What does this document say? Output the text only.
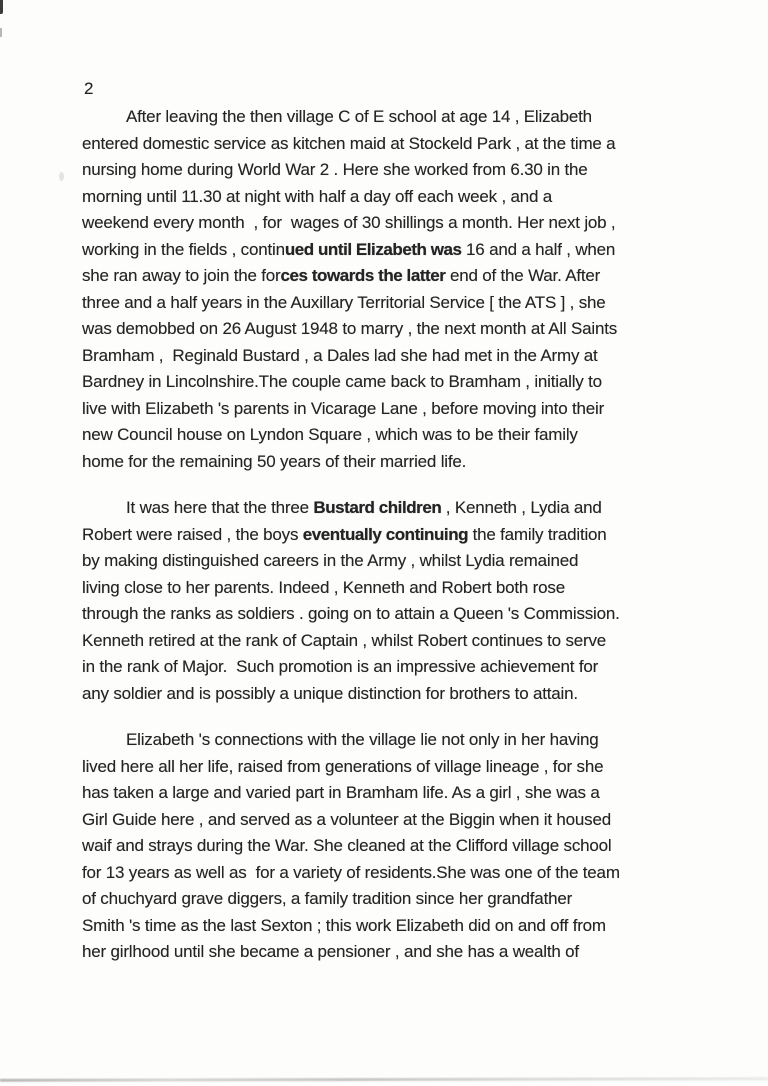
2
After leaving the then village C of E school at age 14 , Elizabeth
entered domestic service as kitchen maid at Stockeld Park , at the time a
nursing home during World War 2 . Here she worked from 6.30 in the
morning until 11.30 at night with half a day off each week , and a
weekend every month  , for  wages of 30 shillings a month. Her next job ,
working in the fields , continued until Elizabeth was 16 and a half , when
she ran away to join the forces towards the latter end of the War. After
three and a half years in the Auxillary Territorial Service [ the ATS ] , she
was demobbed on 26 August 1948 to marry , the next month at All Saints
Bramham ,  Reginald Bustard , a Dales lad she had met in the Army at
Bardney in Lincolnshire.The couple came back to Bramham , initially to
live with Elizabeth 's parents in Vicarage Lane , before moving into their
new Council house on Lyndon Square , which was to be their family
home for the remaining 50 years of their married life.
It was here that the three Bustard children , Kenneth , Lydia and
Robert were raised , the boys eventually continuing the family tradition
by making distinguished careers in the Army , whilst Lydia remained
living close to her parents. Indeed , Kenneth and Robert both rose
through the ranks as soldiers . going on to attain a Queen 's Commission.
Kenneth retired at the rank of Captain , whilst Robert continues to serve
in the rank of Major.  Such promotion is an impressive achievement for
any soldier and is possibly a unique distinction for brothers to attain.
Elizabeth 's connections with the village lie not only in her having
lived here all her life, raised from generations of village lineage , for she
has taken a large and varied part in Bramham life. As a girl , she was a
Girl Guide here , and served as a volunteer at the Biggin when it housed
waif and strays during the War. She cleaned at the Clifford village school
for 13 years as well as  for a variety of residents.She was one of the team
of chuchyard grave diggers, a family tradition since her grandfather
Smith 's time as the last Sexton ; this work Elizabeth did on and off from
her girlhood until she became a pensioner , and she has a wealth of
